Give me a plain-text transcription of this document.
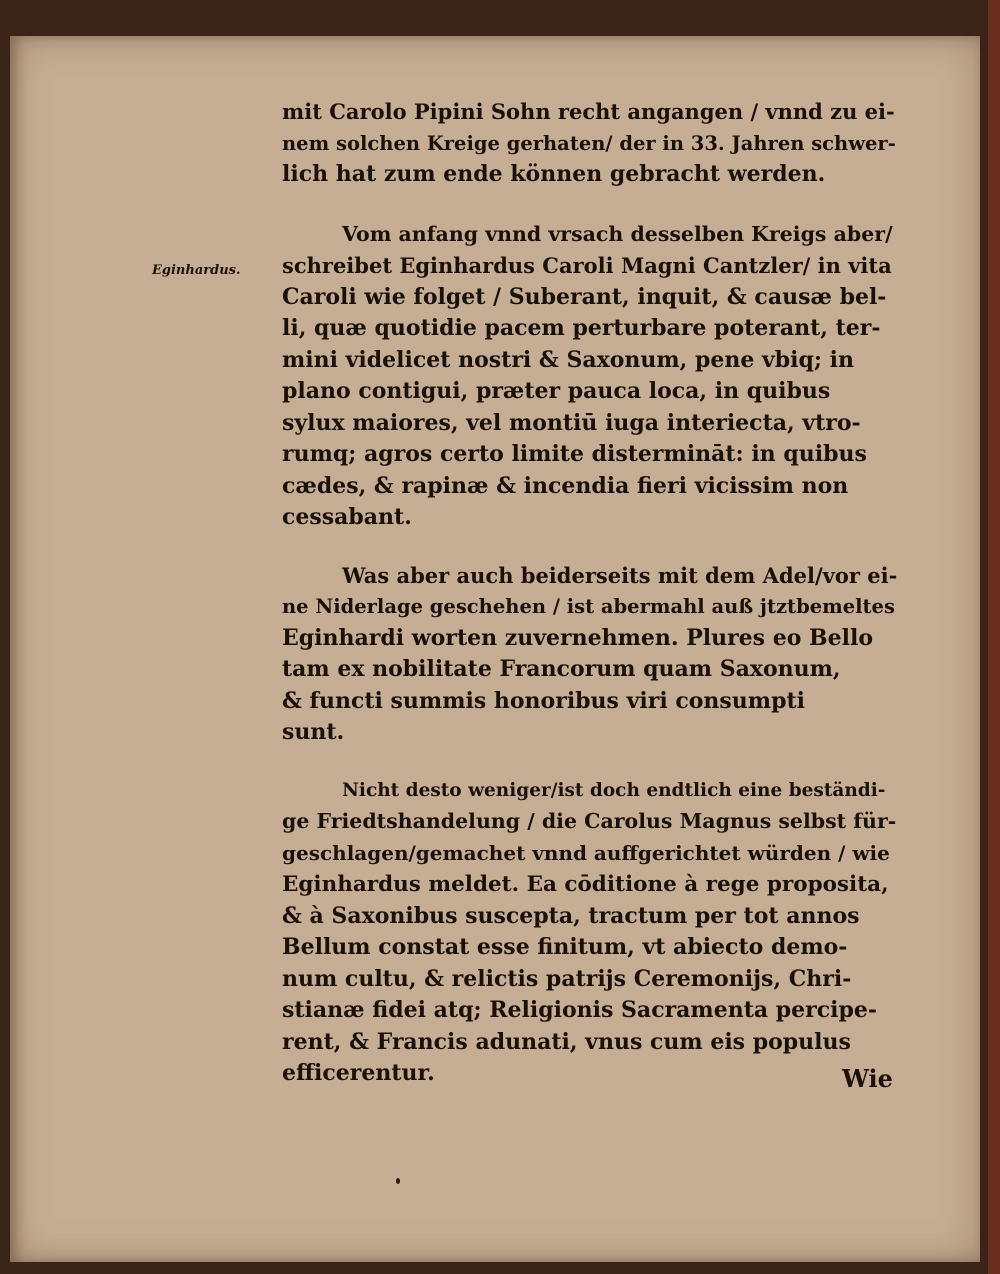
Eginhardus.
mit Carolo Pipini Sohn recht angangen / vnnd zu ei-
nem solchen Kreige gerhaten/ der in 33. Jahren schwer-
lich hat zum ende können gebracht werden.
Vom anfang vnnd vrsach desselben Kreigs aber/
schreibet Eginhardus Caroli Magni Cantzler/ in vita
Caroli wie folget / Suberant, inquit, & causæ bel-
li, quæ quotidie pacem perturbare poterant, ter-
mini videlicet nostri & Saxonum, pene vbiq; in
plano contigui, præter pauca loca, in quibus
sylux maiores, vel montiū iuga interiecta, vtro-
rumq; agros certo limite distermināt: in quibus
cædes, & rapinæ & incendia fieri vicissim non
cessabant.
Was aber auch beiderseits mit dem Adel/vor ei-
ne Niderlage geschehen / ist abermahl auß jtztbemeltes
Eginhardi worten zuvernehmen. Plures eo Bello
tam ex nobilitate Francorum quam Saxonum,
& functi summis honoribus viri consumpti
sunt.
Nicht desto weniger/ist doch endtlich eine beständi-
ge Friedtshandelung / die Carolus Magnus selbst für-
geschlagen/gemachet vnnd auffgerichtet würden / wie
Eginhardus meldet. Ea cōditione à rege proposita,
& à Saxonibus suscepta, tractum per tot annos
Bellum constat esse finitum, vt abiecto demo-
num cultu, & relictis patrijs Ceremonijs, Chri-
stianæ fidei atq; Religionis Sacramenta percipe-
rent, & Francis adunati, vnus cum eis populus
efficerentur.	Wie
